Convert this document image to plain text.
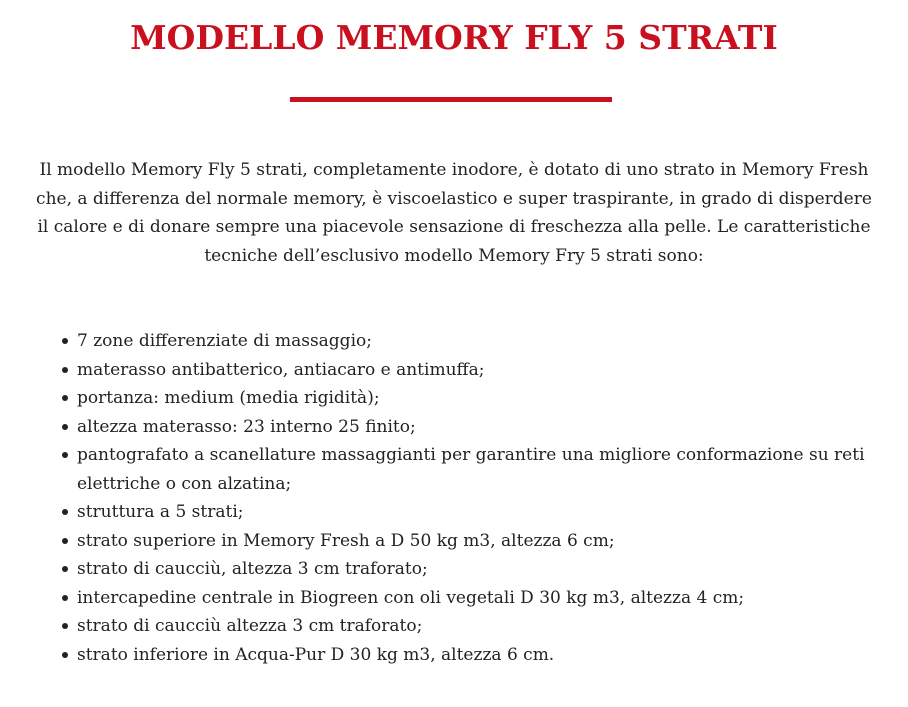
MODELLO MEMORY FLY 5 STRATI

Il modello Memory Fly 5 strati, completamente inodore, è dotato di uno strato in Memory Fresh che, a differenza del normale memory, è viscoelastico e super traspirante, in grado di disperdere il calore e di donare sempre una piacevole sensazione di freschezza alla pelle. Le caratteristiche tecniche dell’esclusivo modello Memory Fry 5 strati sono:

7 zone differenziate di massaggio;
materasso antibatterico, antiacaro e antimuffa;
portanza: medium (media rigidità);
altezza materasso: 23 interno 25 finito;
pantografato a scanellature massaggianti per garantire una migliore conformazione su reti elettriche o con alzatina;
struttura a 5 strati;
strato superiore in Memory Fresh a D 50 kg m3, altezza 6 cm;
strato di caucciù, altezza 3 cm traforato;
intercapedine centrale in Biogreen con oli vegetali D 30 kg m3, altezza 4 cm;
strato di caucciù altezza 3 cm traforato;
strato inferiore in Acqua-Pur D 30 kg m3, altezza 6 cm.
